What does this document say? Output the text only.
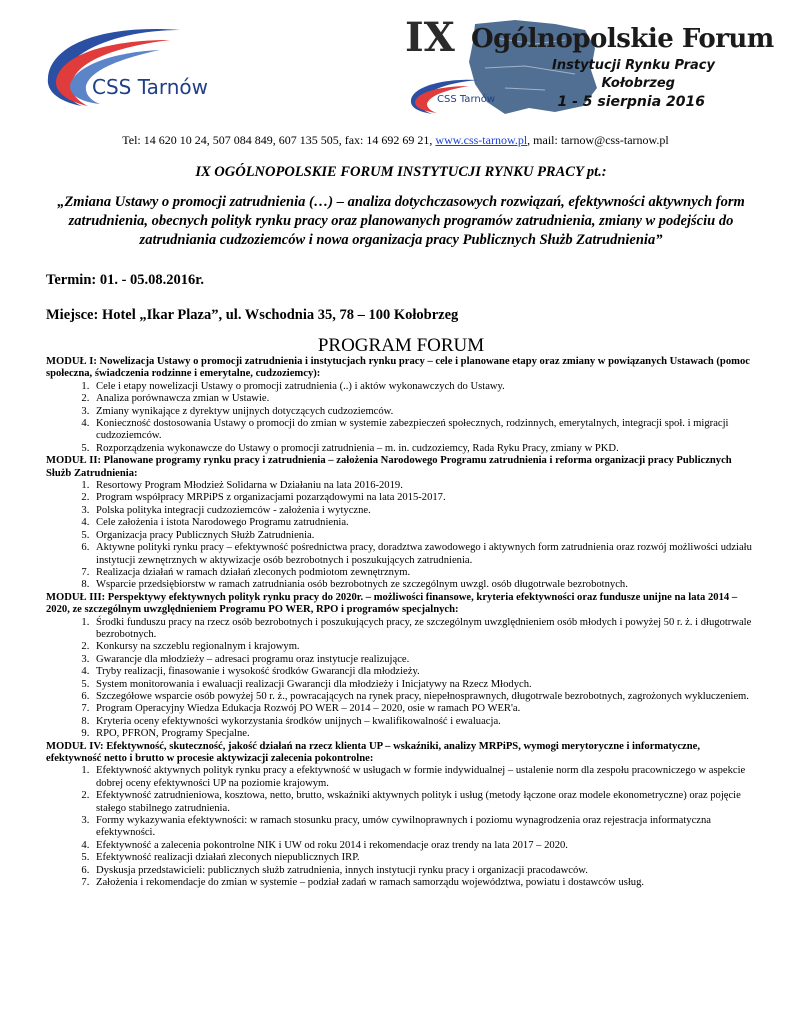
CSS Tarnów
CSS Tarnów
IX Ogólnopolskie Forum
Instytucji Rynku Pracy
Kołobrzeg
1 - 5 sierpnia 2016
Tel: 14 620 10 24, 507 084 849, 607 135 505, fax: 14 692 69 21, www.css-tarnow.pl, mail: tarnow@css-tarnow.pl

IX OGÓLNOPOLSKIE FORUM INSTYTUCJI RYNKU PRACY pt.:

„Zmiana Ustawy o promocji zatrudnienia (…) – analiza dotychczasowych rozwiązań, efektywności aktywnych form zatrudnienia, obecnych polityk rynku pracy oraz planowanych programów zatrudnienia, zmiany w podejściu do zatrudniania cudzoziemców i nowa organizacja pracy Publicznych Służb Zatrudnienia”

Termin: 01. - 05.08.2016r.

Miejsce: Hotel „Ikar Plaza”, ul. Wschodnia 35, 78 – 100 Kołobrzeg

PROGRAM FORUM

MODUŁ I: Nowelizacja Ustawy o promocji zatrudnienia i instytucjach rynku pracy – cele i planowane etapy oraz zmiany w powiązanych Ustawach (pomoc społeczna, świadczenia rodzinne i emerytalne, cudzoziemcy):

1. Cele i etapy nowelizacji Ustawy o promocji zatrudnienia (..) i aktów wykonawczych do Ustawy.
2. Analiza porównawcza zmian w Ustawie.
3. Zmiany wynikające z dyrektyw unijnych dotyczących cudzoziemców.
4. Konieczność dostosowania Ustawy o promocji do zmian w systemie zabezpieczeń społecznych, rodzinnych, emerytalnych, integracji społ. i migracji cudzoziemców.
5. Rozporządzenia wykonawcze do Ustawy o promocji zatrudnienia – m. in. cudzoziemcy, Rada Ryku Pracy, zmiany w PKD.

MODUŁ II: Planowane programy rynku pracy i zatrudnienia – założenia Narodowego Programu zatrudnienia i reforma organizacji pracy Publicznych Służb Zatrudnienia:

1. Resortowy Program Młodzież Solidarna w Działaniu na lata 2016-2019.
2. Program współpracy MRPiPS z organizacjami pozarządowymi na lata 2015-2017.
3. Polska polityka integracji cudzoziemców - założenia i wytyczne.
4. Cele założenia i istota Narodowego Programu zatrudnienia.
5. Organizacja pracy Publicznych Służb Zatrudnienia.
6. Aktywne polityki rynku pracy – efektywność pośrednictwa pracy, doradztwa zawodowego i aktywnych form zatrudnienia oraz rozwój możliwości udziału instytucji zewnętrznych w aktywizacje osób bezrobotnych i poszukujących zatrudnienia.
7. Realizacja działań w ramach działań zleconych podmiotom zewnętrznym.
8. Wsparcie przedsiębiorstw w ramach zatrudniania osób bezrobotnych ze szczególnym uwzgl. osób długotrwale bezrobotnych.

MODUŁ III: Perspektywy efektywnych polityk rynku pracy do 2020r. – możliwości finansowe, kryteria efektywności oraz fundusze unijne na lata 2014 – 2020, ze szczególnym uwzględnieniem Programu PO WER, RPO i programów specjalnych:

1. Środki funduszu pracy na rzecz osób bezrobotnych i poszukujących pracy, ze szczególnym uwzględnieniem osób młodych i powyżej 50 r. ż. i długotrwale bezrobotnych.
2. Konkursy na szczeblu regionalnym i krajowym.
3. Gwarancje dla młodzieży – adresaci programu oraz instytucje realizujące.
4. Tryby realizacji, finasowanie i wysokość środków Gwarancji dla młodzieży.
5. System monitorowania i ewaluacji realizacji Gwarancji dla młodzieży i Inicjatywy na Rzecz Młodych.
6. Szczegółowe wsparcie osób powyżej 50 r. ż., powracających na rynek pracy, niepełnosprawnych, długotrwale bezrobotnych, zagrożonych wykluczeniem.
7. Program Operacyjny Wiedza Edukacja Rozwój PO WER – 2014 – 2020, osie w ramach PO WER'a.
8. Kryteria oceny efektywności wykorzystania środków unijnych – kwalifikowalność i ewaluacja.
9. RPO, PFRON, Programy Specjalne.

MODUŁ IV: Efektywność, skuteczność, jakość działań na rzecz klienta UP – wskaźniki, analizy MRPiPS, wymogi merytoryczne i informatyczne, efektywność netto i brutto w procesie aktywizacji zalecenia pokontrolne:

1. Efektywność aktywnych polityk rynku pracy a efektywność w usługach w formie indywidualnej – ustalenie norm dla zespołu pracowniczego w aspekcie dobrej oceny efektywności UP na poziomie krajowym.
2. Efektywność zatrudnieniowa, kosztowa, netto, brutto, wskaźniki aktywnych polityk i usług (metody łączone oraz modele ekonometryczne) oraz pojęcie stałego stabilnego zatrudnienia.
3. Formy wykazywania efektywności: w ramach stosunku pracy, umów cywilnoprawnych i poziomu wynagrodzenia oraz rejestracja informatyczna efektywności.
4. Efektywność a zalecenia pokontrolne NIK i UW od roku 2014 i rekomendacje oraz trendy na lata 2017 – 2020.
5. Efektywność realizacji działań zleconych niepublicznych IRP.
6. Dyskusja przedstawicieli: publicznych służb zatrudnienia, innych instytucji rynku pracy i organizacji pracodawców.
7. Założenia i rekomendacje do zmian w systemie – podział zadań w ramach samorządu województwa, powiatu i dostawców usług.
